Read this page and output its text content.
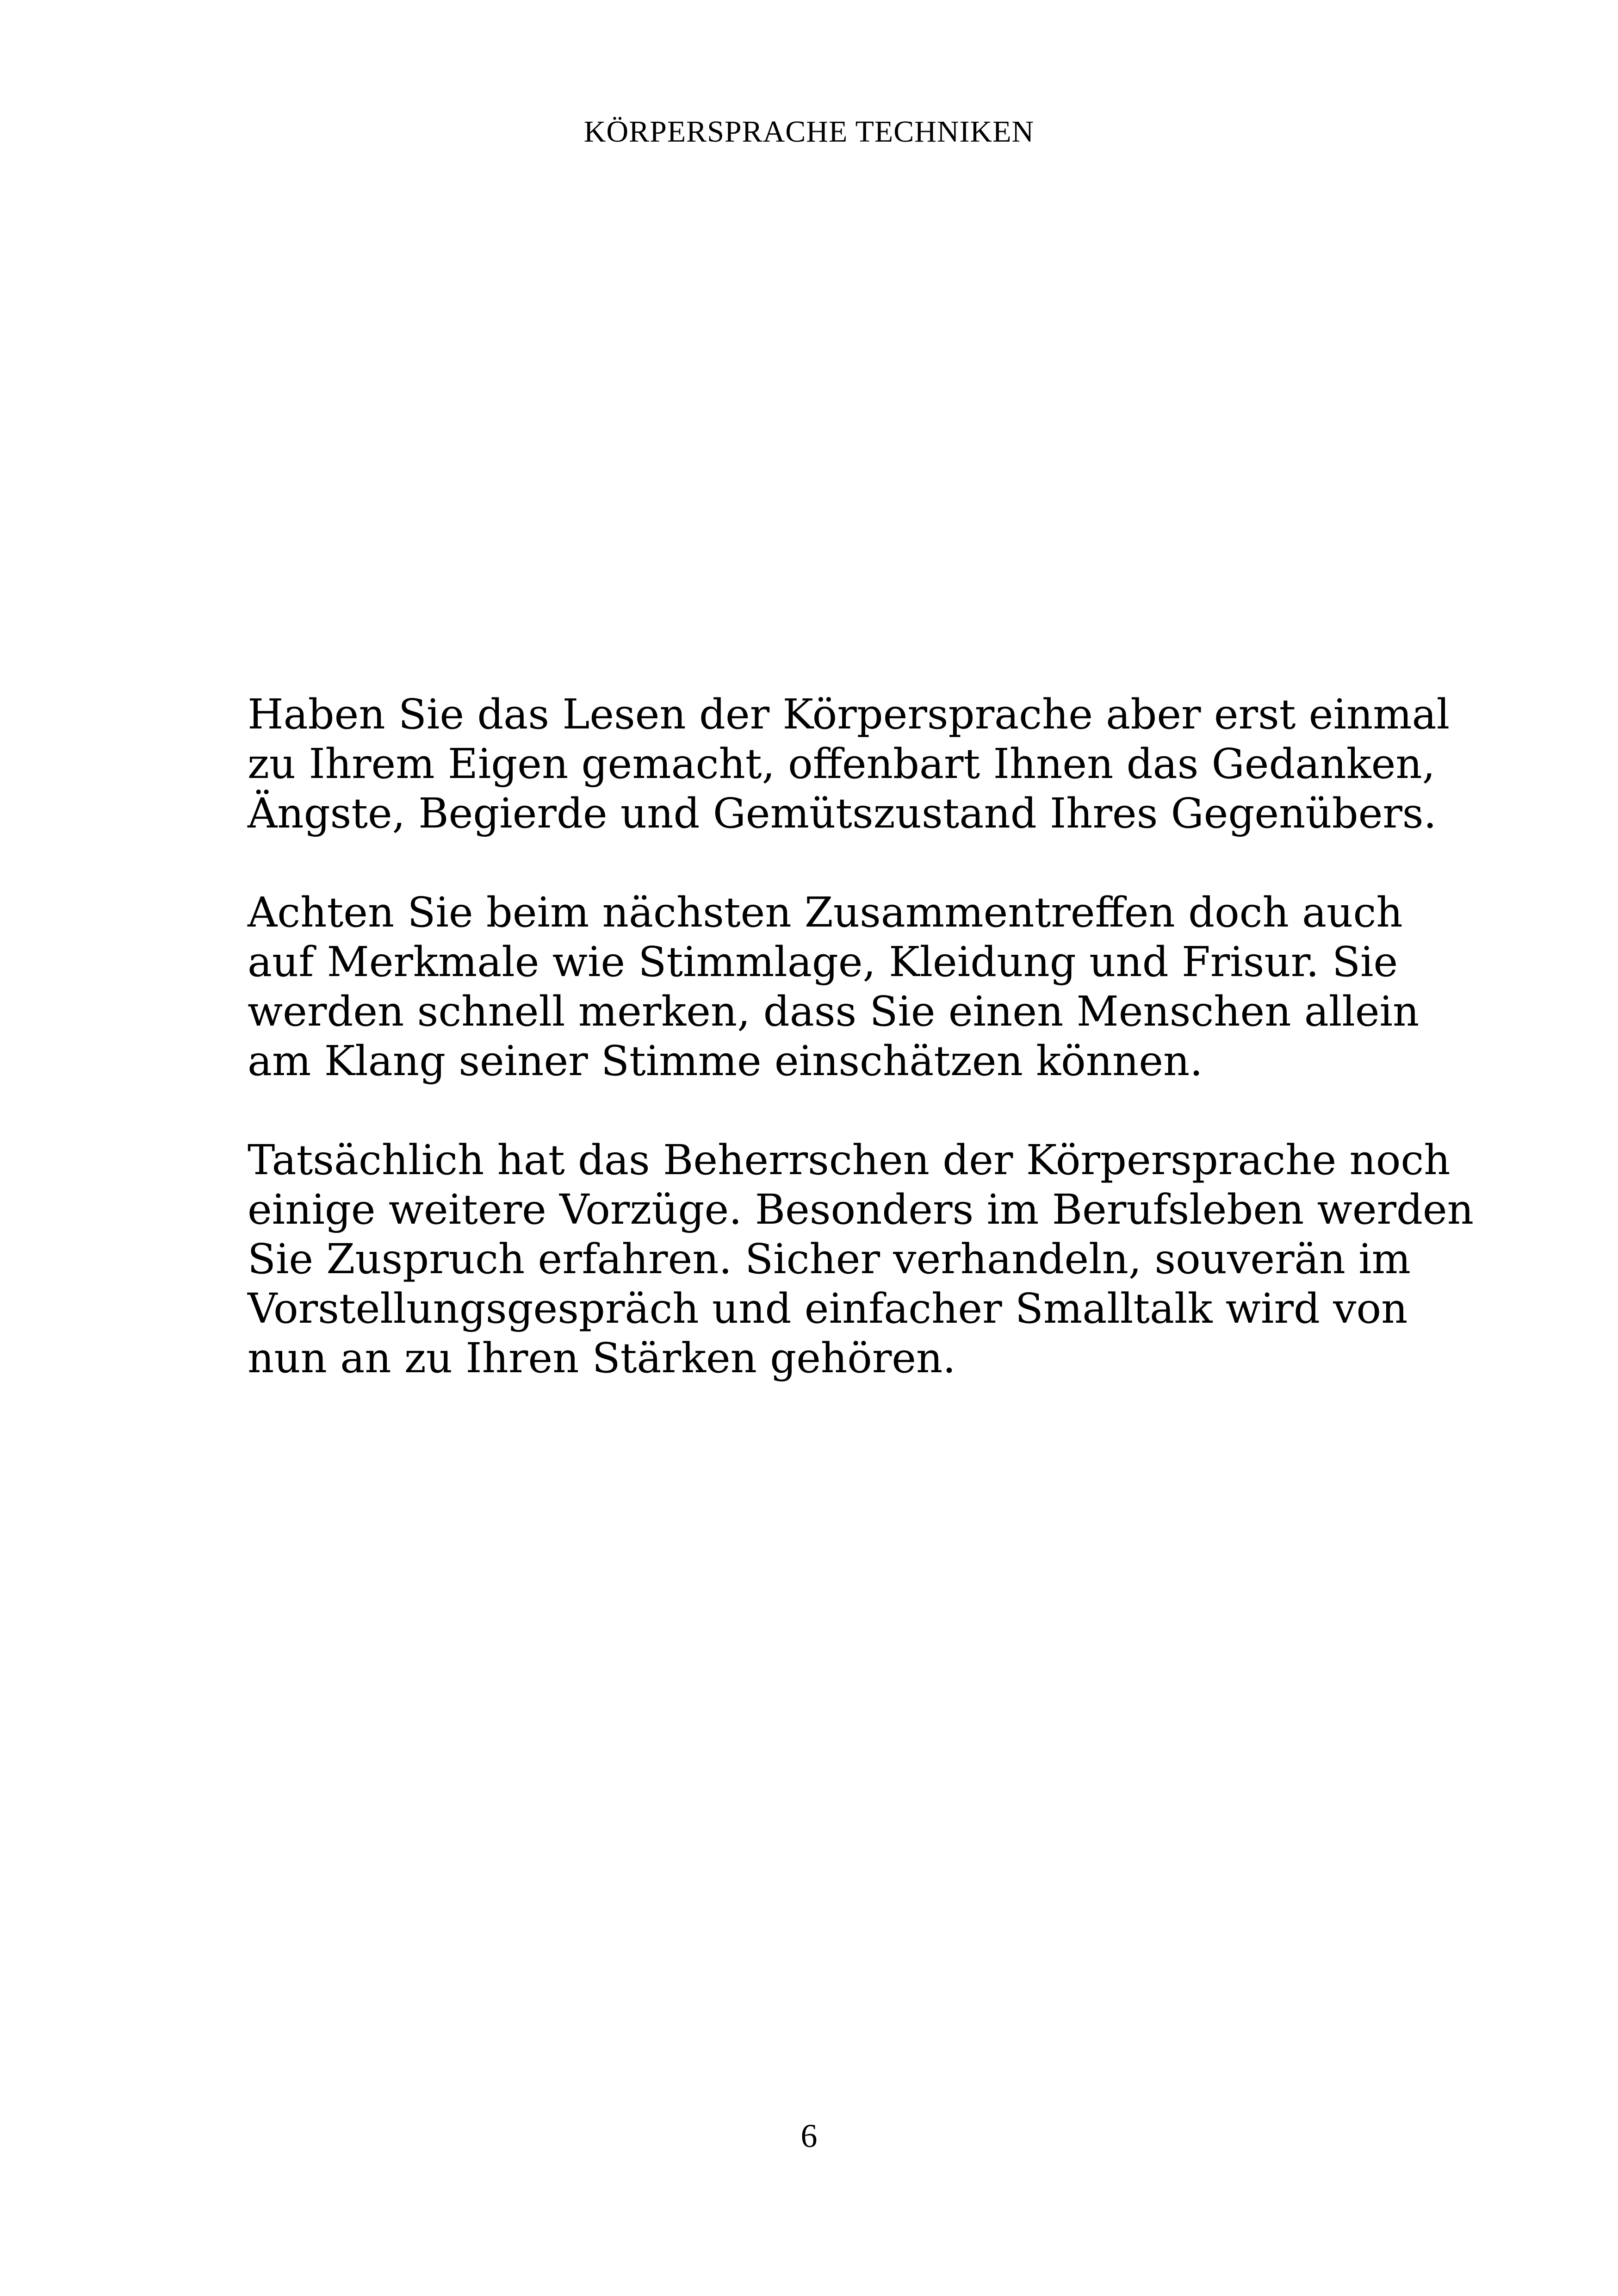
KÖRPERSPRACHE TECHNIKEN

Haben Sie das Lesen der Körpersprache aber erst einmal
zu Ihrem Eigen gemacht, offenbart Ihnen das Gedanken,
Ängste, Begierde und Gemütszustand Ihres Gegenübers.

Achten Sie beim nächsten Zusammentreffen doch auch
auf Merkmale wie Stimmlage, Kleidung und Frisur. Sie
werden schnell merken, dass Sie einen Menschen allein
am Klang seiner Stimme einschätzen können.

Tatsächlich hat das Beherrschen der Körpersprache noch
einige weitere Vorzüge. Besonders im Berufsleben werden
Sie Zuspruch erfahren. Sicher verhandeln, souverän im
Vorstellungsgespräch und einfacher Smalltalk wird von
nun an zu Ihren Stärken gehören.

6
